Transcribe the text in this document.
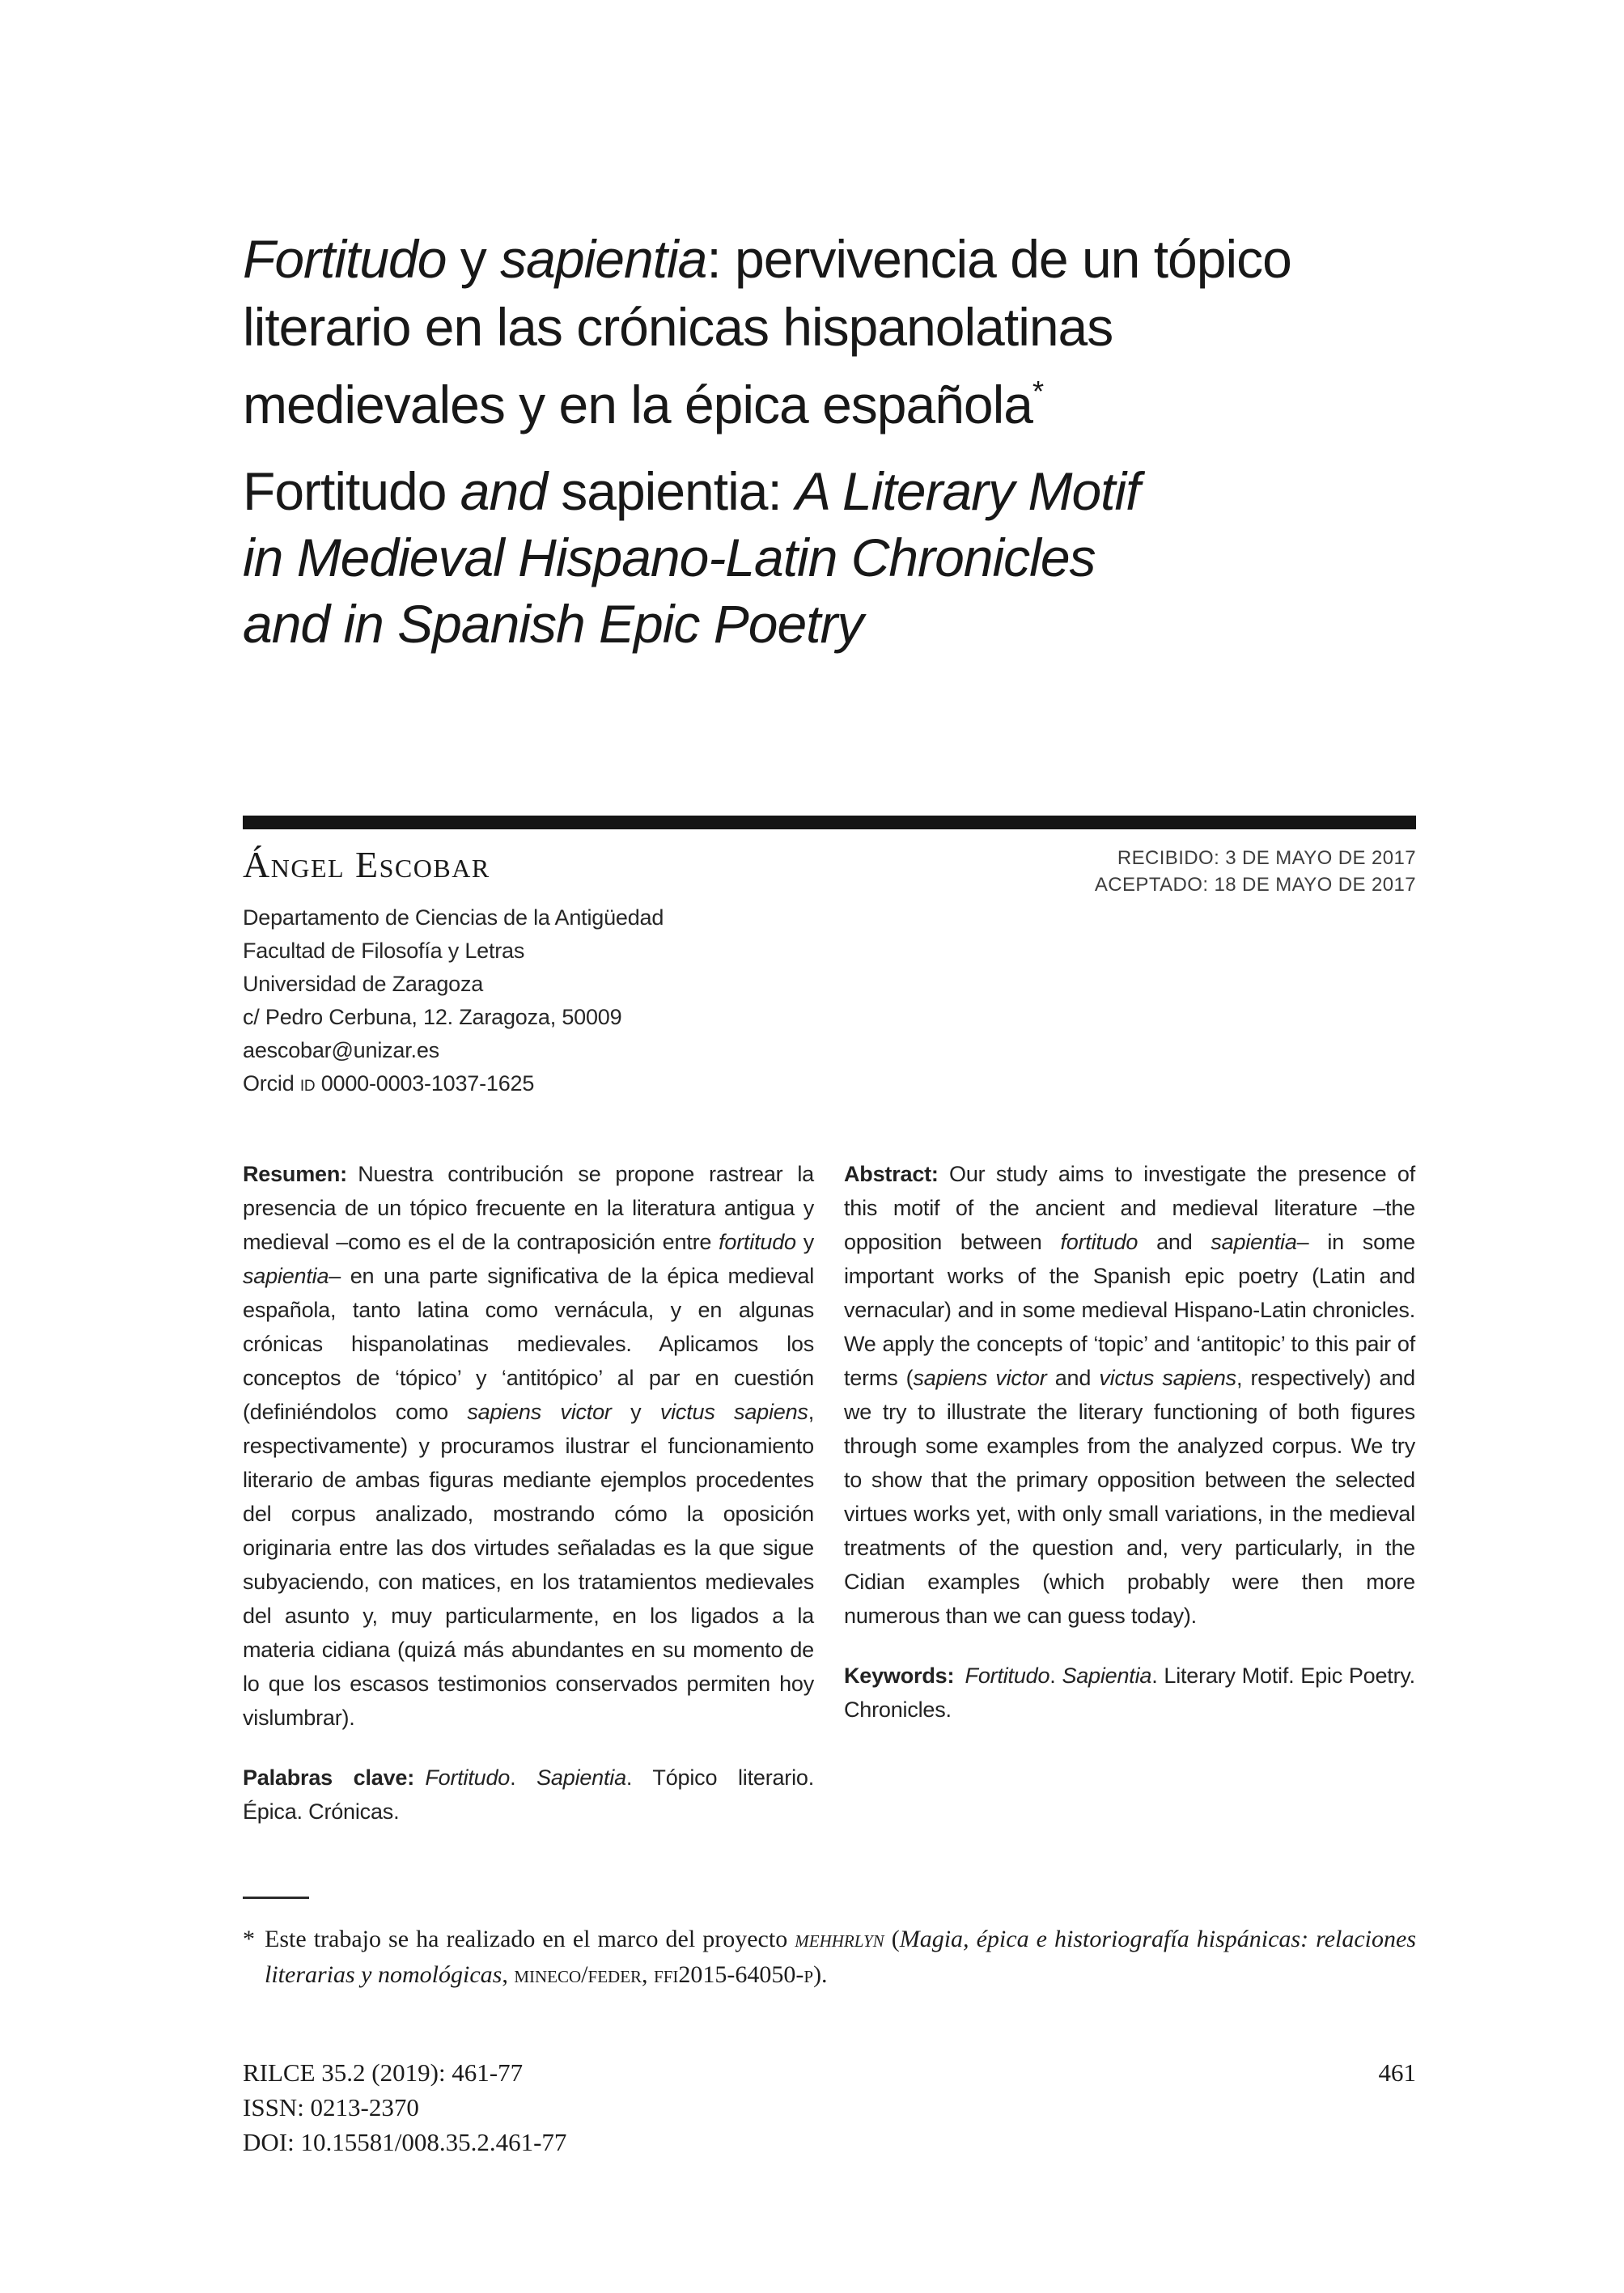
Fortitudo y sapientia: pervivencia de un tópico
literario en las crónicas hispanolatinas
medievales y en la épica española*
Fortitudo and sapientia: A Literary Motif
in Medieval Hispano-Latin Chronicles
and in Spanish Epic Poetry
Ángel Escobar	RECIBIDO: 3 DE MAYO DE 2017
ACEPTADO: 18 DE MAYO DE 2017
Departamento de Ciencias de la Antigüedad
Facultad de Filosofía y Letras
Universidad de Zaragoza
c/ Pedro Cerbuna, 12. Zaragoza, 50009
aescobar@unizar.es
Orcid id 0000-0003-1037-1625

Resumen:  Nuestra contribución se propone rastrear la presencia de un tópico frecuente en la literatura antigua y medieval –como es el de la contraposición entre fortitudo y sapientia– en una parte significativa de la épica medieval española, tanto latina como vernácula, y en algunas crónicas hispanolatinas medievales. Aplicamos los conceptos de ‘tópico’ y ‘antitópico’ al par en cuestión (definiéndolos como sapiens victor y victus sapiens, respectivamente) y procuramos ilustrar el funcionamiento literario de ambas figuras mediante ejemplos procedentes del corpus analizado, mostrando cómo la oposición originaria entre las dos virtudes señaladas es la que sigue subyaciendo, con matices, en los tratamientos medievales del asunto y, muy particularmente, en los ligados a la materia cidiana (quizá más abundantes en su momento de lo que los escasos testimonios conservados permiten hoy vislumbrar).

Palabras clave:  Fortitudo. Sapientia. Tópico literario. Épica. Crónicas.

Abstract:  Our study aims to investigate the presence of this motif of the ancient and medieval literature –the opposition between fortitudo and sapientia– in some important works of the Spanish epic poetry (Latin and vernacular) and in some medieval Hispano-Latin chronicles. We apply the concepts of ‘topic’ and ‘antitopic’ to this pair of terms (sapiens victor and victus sapiens, respectively) and we try to illustrate the literary functioning of both figures through some examples from the analyzed corpus. We try to show that the primary opposition between the selected virtues works yet, with only small variations, in the medieval treatments of the question and, very particularly, in the Cidian examples (which probably were then more numerous than we can guess today).

Keywords:  Fortitudo. Sapientia. Literary Motif. Epic Poetry. Chronicles.

* Este trabajo se ha realizado en el marco del proyecto mehhrlyn (Magia, épica e historiografía hispánicas: relaciones literarias y nomológicas, mineco/feder, ffi2015-64050-p).
RILCE 35.2 (2019): 461-77	461
ISSN: 0213-2370
DOI: 10.15581/008.35.2.461-77
